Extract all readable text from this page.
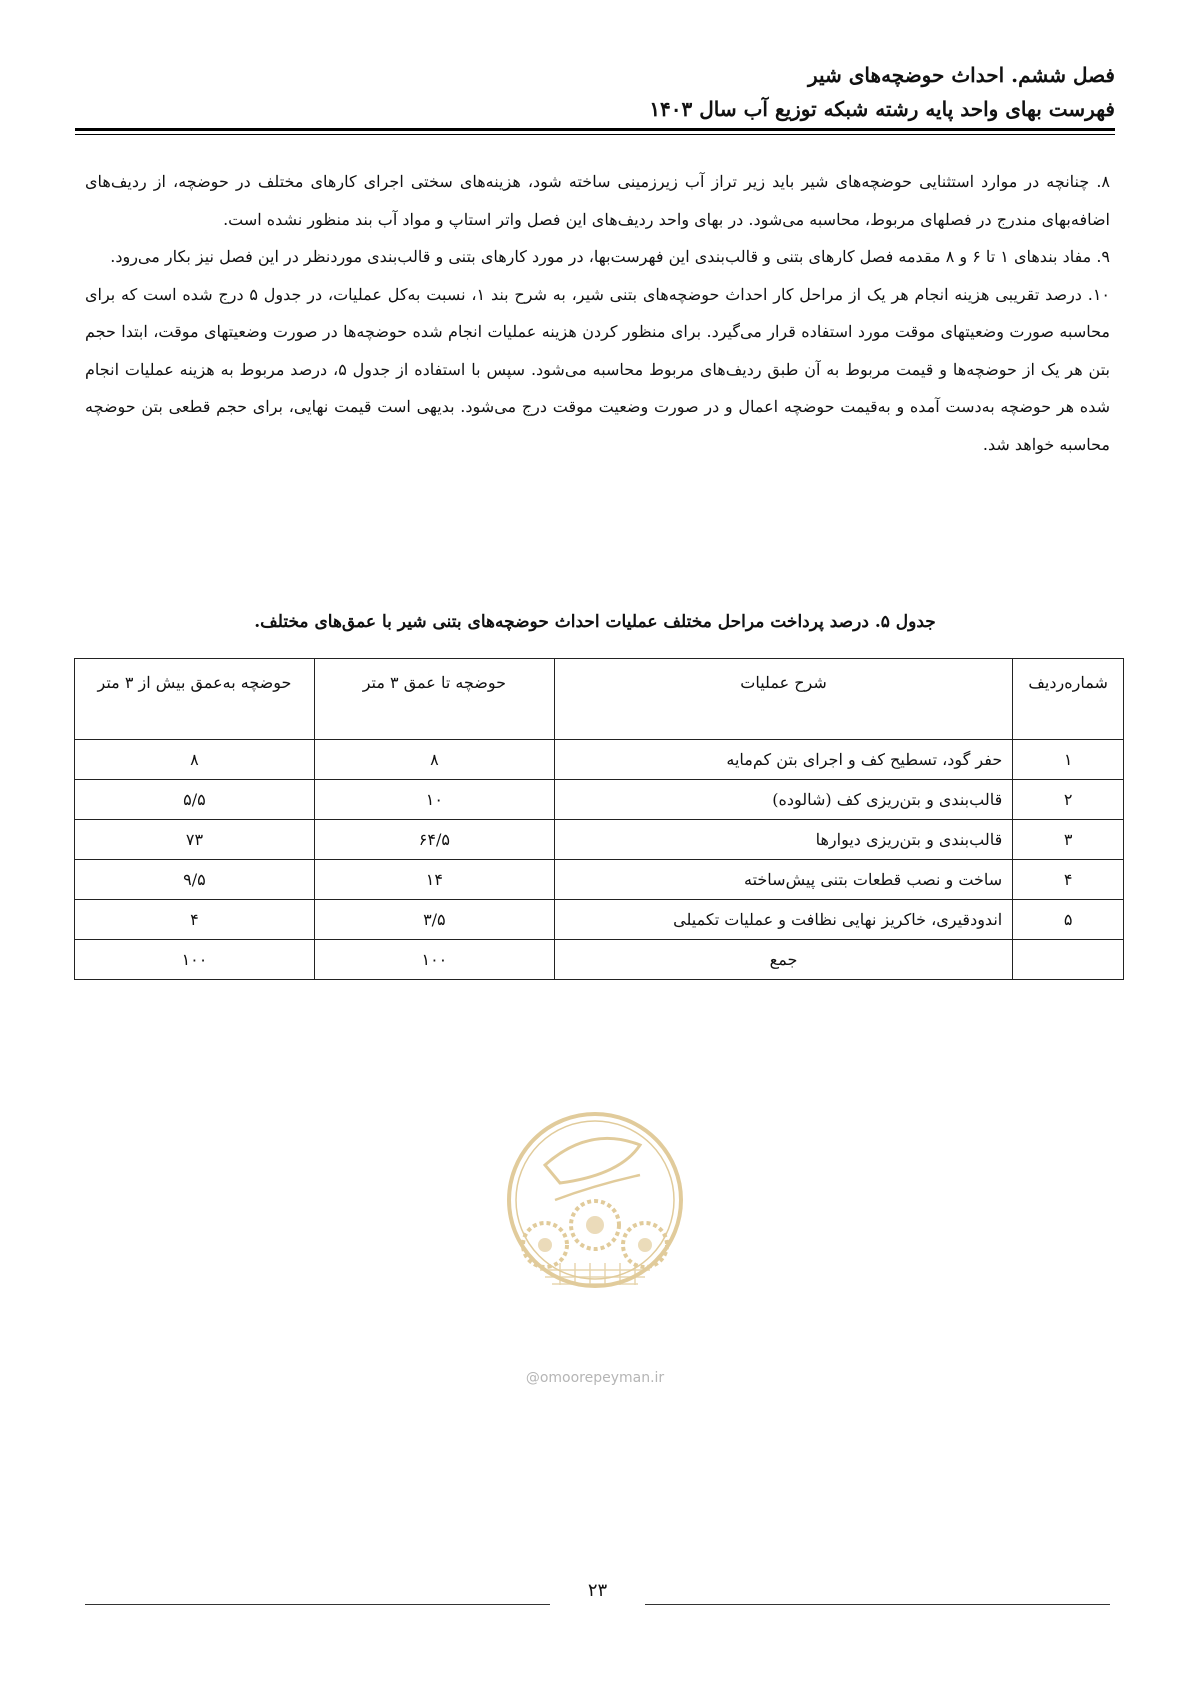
فصل ششم. احداث حوضچه‌های شیر
فهرست بهای واحد پایه رشته شبکه توزیع آب سال ۱۴۰۳

۸. چنانچه در موارد استثنایی حوضچه‌های شیر باید زیر تراز آب زیرزمینی ساخته شود، هزینه‌های سختی اجرای کارهای مختلف در حوضچه، از ردیف‌های اضافه‌بهای مندرج در فصلهای مربوط، محاسبه می‌شود. در بهای واحد ردیف‌های این فصل واتر استاپ و مواد آب بند منظور نشده است.

۹. مفاد بندهای ۱ تا ۶ و ۸ مقدمه فصل کارهای بتنی و قالب‌بندی این فهرست‌بها، در مورد کارهای بتنی و قالب‌بندی موردنظر در این فصل نیز بکار می‌رود.

۱۰. درصد تقریبی هزینه انجام هر یک از مراحل کار احداث حوضچه‌های بتنی شیر، به شرح بند ۱، نسبت به‌کل عملیات، در جدول ۵ درج شده است که برای محاسبه صورت وضعیتهای موقت مورد استفاده قرار می‌گیرد. برای منظور کردن هزینه عملیات انجام شده حوضچه‌ها در صورت وضعیتهای موقت، ابتدا حجم بتن هر یک از حوضچه‌ها و قیمت مربوط به آن طبق ردیف‌های مربوط محاسبه می‌شود. سپس با استفاده از جدول ۵، درصد مربوط به هزینه عملیات انجام شده هر حوضچه به‌دست آمده و به‌قیمت حوضچه اعمال و در صورت وضعیت موقت درج می‌شود. بدیهی است قیمت نهایی، برای حجم قطعی بتن حوضچه محاسبه خواهد شد.

جدول ۵. درصد پرداخت مراحل مختلف عملیات احداث حوضچه‌های بتنی شیر با عمق‌های مختلف.
شماره‌ردیف	شرح عملیات	حوضچه تا عمق ۳ متر	حوضچه به‌عمق بیش از ۳ متر
۱	حفر گود، تسطیح کف و اجرای بتن کم‌مایه	۸	۸
۲	قالب‌بندی و بتن‌ریزی کف (شالوده)	۱۰	۵/۵
۳	قالب‌بندی و بتن‌ریزی دیوارها	۶۴/۵	۷۳
۴	ساخت و نصب قطعات بتنی پیش‌ساخته	۱۴	۹/۵
۵	اندودقیری، خاکریز نهایی نظافت و عملیات تکمیلی	۳/۵	۴
	جمع	۱۰۰	۱۰۰
@omoorepeyman.ir
۲۳
